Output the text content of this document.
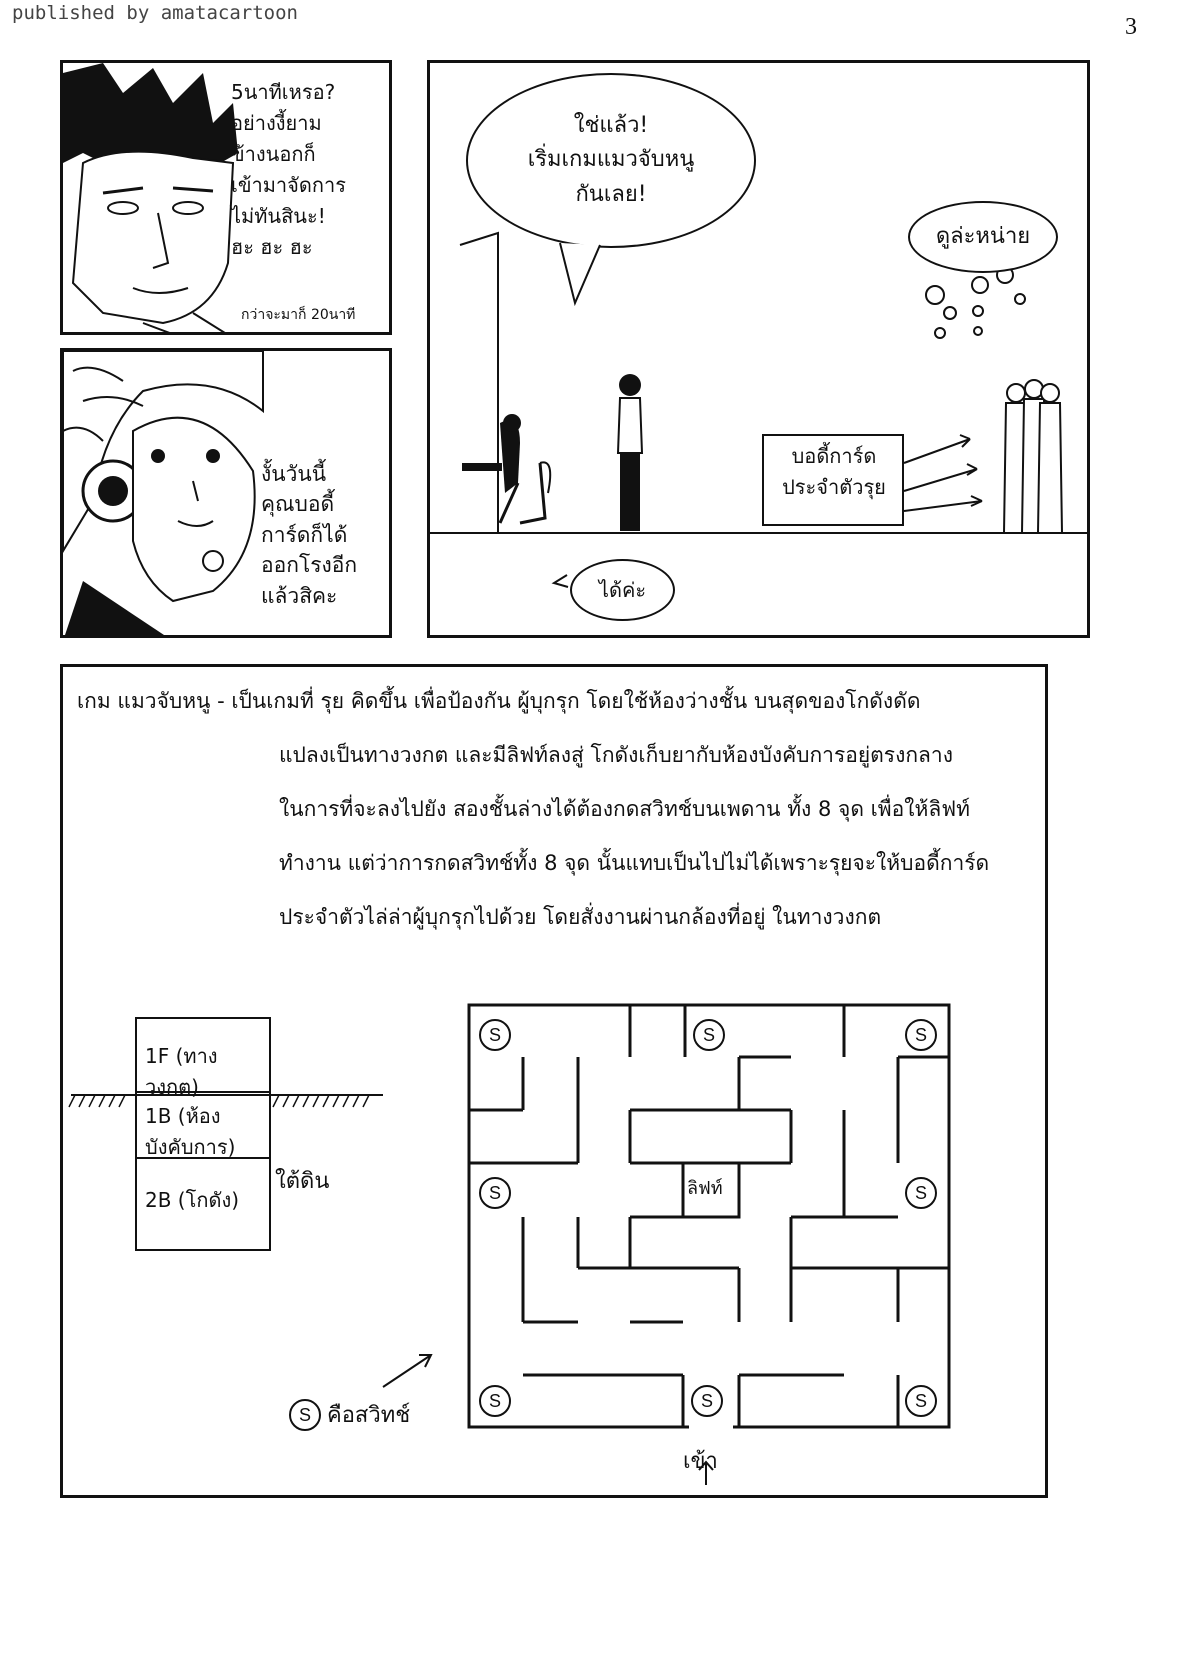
published by amatacartoon
3
5นาทีเหรอ?
อย่างงี้ยาม
ข้างนอกก็
เข้ามาจัดการ
ไม่ทันสินะ!
ฮะ ฮะ ฮะ
กว่าจะมาก็ 20นาที
งั้นวันนี้
คุณบอดี้
การ์ดก็ได้
ออกโรงอีก
แล้วสิคะ
ใช่แล้ว!
เริ่มเกมแมวจับหนู
กันเลย!
ดูล่ะหน่าย
บอดี้การ์ด
ประจำตัวรุย
ได้ค่ะ
เกม แมวจับหนู - เป็นเกมที่ รุย คิดขึ้น เพื่อป้องกัน ผู้บุกรุก โดยใช้ห้องว่างชั้น บนสุดของโกดังดัด
แปลงเป็นทางวงกต และมีลิฟท์ลงสู่ โกดังเก็บยากับห้องบังคับการอยู่ตรงกลาง
ในการที่จะลงไปยัง สองชั้นล่างได้ต้องกดสวิทช์บนเพดาน ทั้ง 8 จุด เพื่อให้ลิฟท์
ทำงาน แต่ว่าการกดสวิทช์ทั้ง 8 จุด นั้นแทบเป็นไปไม่ได้เพราะรุยจะให้บอดี้การ์ด
ประจำตัวไล่ล่าผู้บุกรุกไปด้วย โดยสั่งงานผ่านกล้องที่อยู่ ในทางวงกต
1F (ทางวงกต)
1B (ห้องบังคับการ)
2B (โกดัง)
ใต้ดิน	ลิฟท์
S	S	S
S	S
S	S	S
S คือสวิทช์
เข้า
